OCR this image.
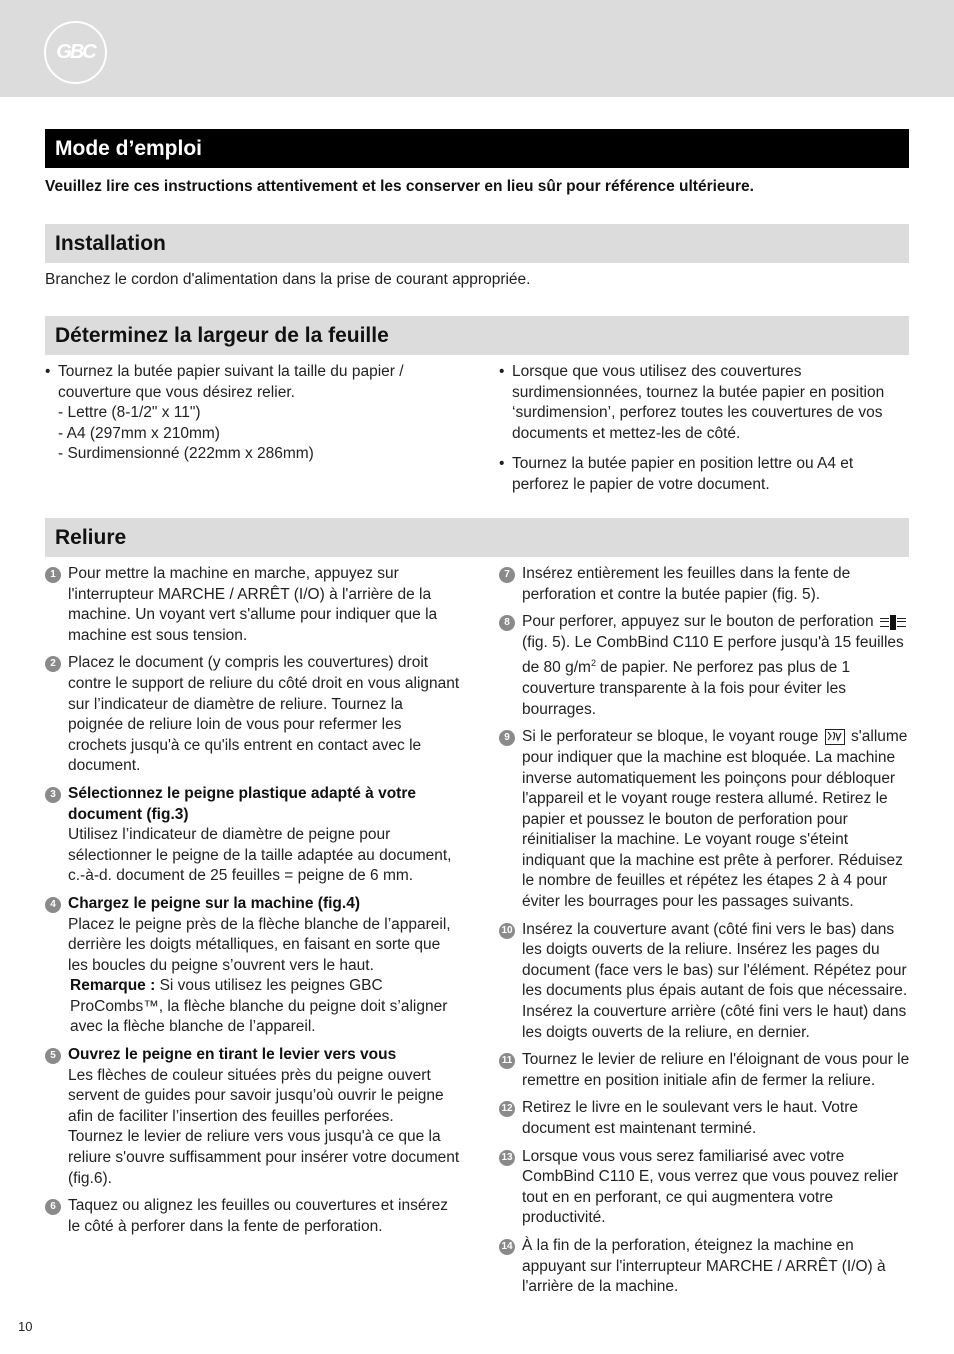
GBC
Mode d’emploi
Veuillez lire ces instructions attentivement et les conserver en lieu sûr pour référence ultérieure.
Installation
Branchez le cordon d'alimentation dans la prise de courant appropriée.
Déterminez la largeur de la feuille
• Tournez la butée papier suivant la taille du papier / couverture que vous désirez relier.

- Lettre (8-1/2" x 11")

- A4 (297mm x 210mm)

- Surdimensionné (222mm x 286mm)

• Lorsque que vous utilisez des couvertures surdimensionnées, tournez la butée papier en position ‘surdimension’, perforez toutes les couvertures de vos documents et mettez-les de côté.

• Tournez la butée papier en position lettre ou A4 et perforez le papier de votre document.

Reliure
1 Pour mettre la machine en marche, appuyez sur l'interrupteur MARCHE / ARRÊT (I/O) à l'arrière de la machine. Un voyant vert s'allume pour indiquer que la machine est sous tension.

2 Placez le document (y compris les couvertures) droit contre le support de reliure du côté droit en vous alignant sur l’indicateur de diamètre de reliure. Tournez la poignée de reliure loin de vous pour refermer les crochets jusqu'à ce qu'ils entrent en contact avec le document.

3 Sélectionnez le peigne plastique adapté à votre document (fig.3)

Utilisez l’indicateur de diamètre de peigne pour sélectionner le peigne de la taille adaptée au document, c.-à-d. document de 25 feuilles = peigne de 6 mm.

4 Chargez le peigne sur la machine (fig.4)

Placez le peigne près de la flèche blanche de l’appareil, derrière les doigts métalliques, en faisant en sorte que les boucles du peigne s’ouvrent vers le haut.

Remarque : Si vous utilisez les peignes GBC ProCombs™, la flèche blanche du peigne doit s’aligner avec la flèche blanche de l’appareil.

5 Ouvrez le peigne en tirant le levier vers vous

Les flèches de couleur situées près du peigne ouvert servent de guides pour savoir jusqu’où ouvrir le peigne afin de faciliter l’insertion des feuilles perforées.

Tournez le levier de reliure vers vous jusqu'à ce que la reliure s'ouvre suffisamment pour insérer votre document (fig.6).

6 Taquez ou alignez les feuilles ou couvertures et insérez le côté à perforer dans la fente de perforation.

7 Insérez entièrement les feuilles dans la fente de perforation et contre la butée papier (fig. 5).

8 Pour perforer, appuyez sur le bouton de perforation
(fig. 5). Le CombBind C110 E perfore jusqu'à 15 feuilles de 80 $g/m^2$ de papier. Ne perforez pas plus de 1 couverture transparente à la fois pour éviter les bourrages.

9 Si le perforateur se bloque, le voyant rouge s'allume pour indiquer que la machine est bloquée. La machine inverse automatiquement les poinçons pour débloquer l'appareil et le voyant rouge restera allumé. Retirez le papier et poussez le bouton de perforation pour réinitialiser la machine. Le voyant rouge s'éteint indiquant que la machine est prête à perforer. Réduisez le nombre de feuilles et répétez les étapes 2 à 4 pour éviter les bourrages pour les passages suivants.

10 Insérez la couverture avant (côté fini vers le bas) dans les doigts ouverts de la reliure. Insérez les pages du document (face vers le bas) sur l'élément. Répétez pour les documents plus épais autant de fois que nécessaire. Insérez la couverture arrière (côté fini vers le haut) dans les doigts ouverts de la reliure, en dernier.

11 Tournez le levier de reliure en l'éloignant de vous pour le remettre en position initiale afin de fermer la reliure.

12 Retirez le livre en le soulevant vers le haut. Votre document est maintenant terminé.

13 Lorsque vous vous serez familiarisé avec votre CombBind C110 E, vous verrez que vous pouvez relier tout en en perforant, ce qui augmentera votre productivité.

14 À la fin de la perforation, éteignez la machine en appuyant sur l'interrupteur MARCHE / ARRÊT (I/O) à l'arrière de la machine.

10
